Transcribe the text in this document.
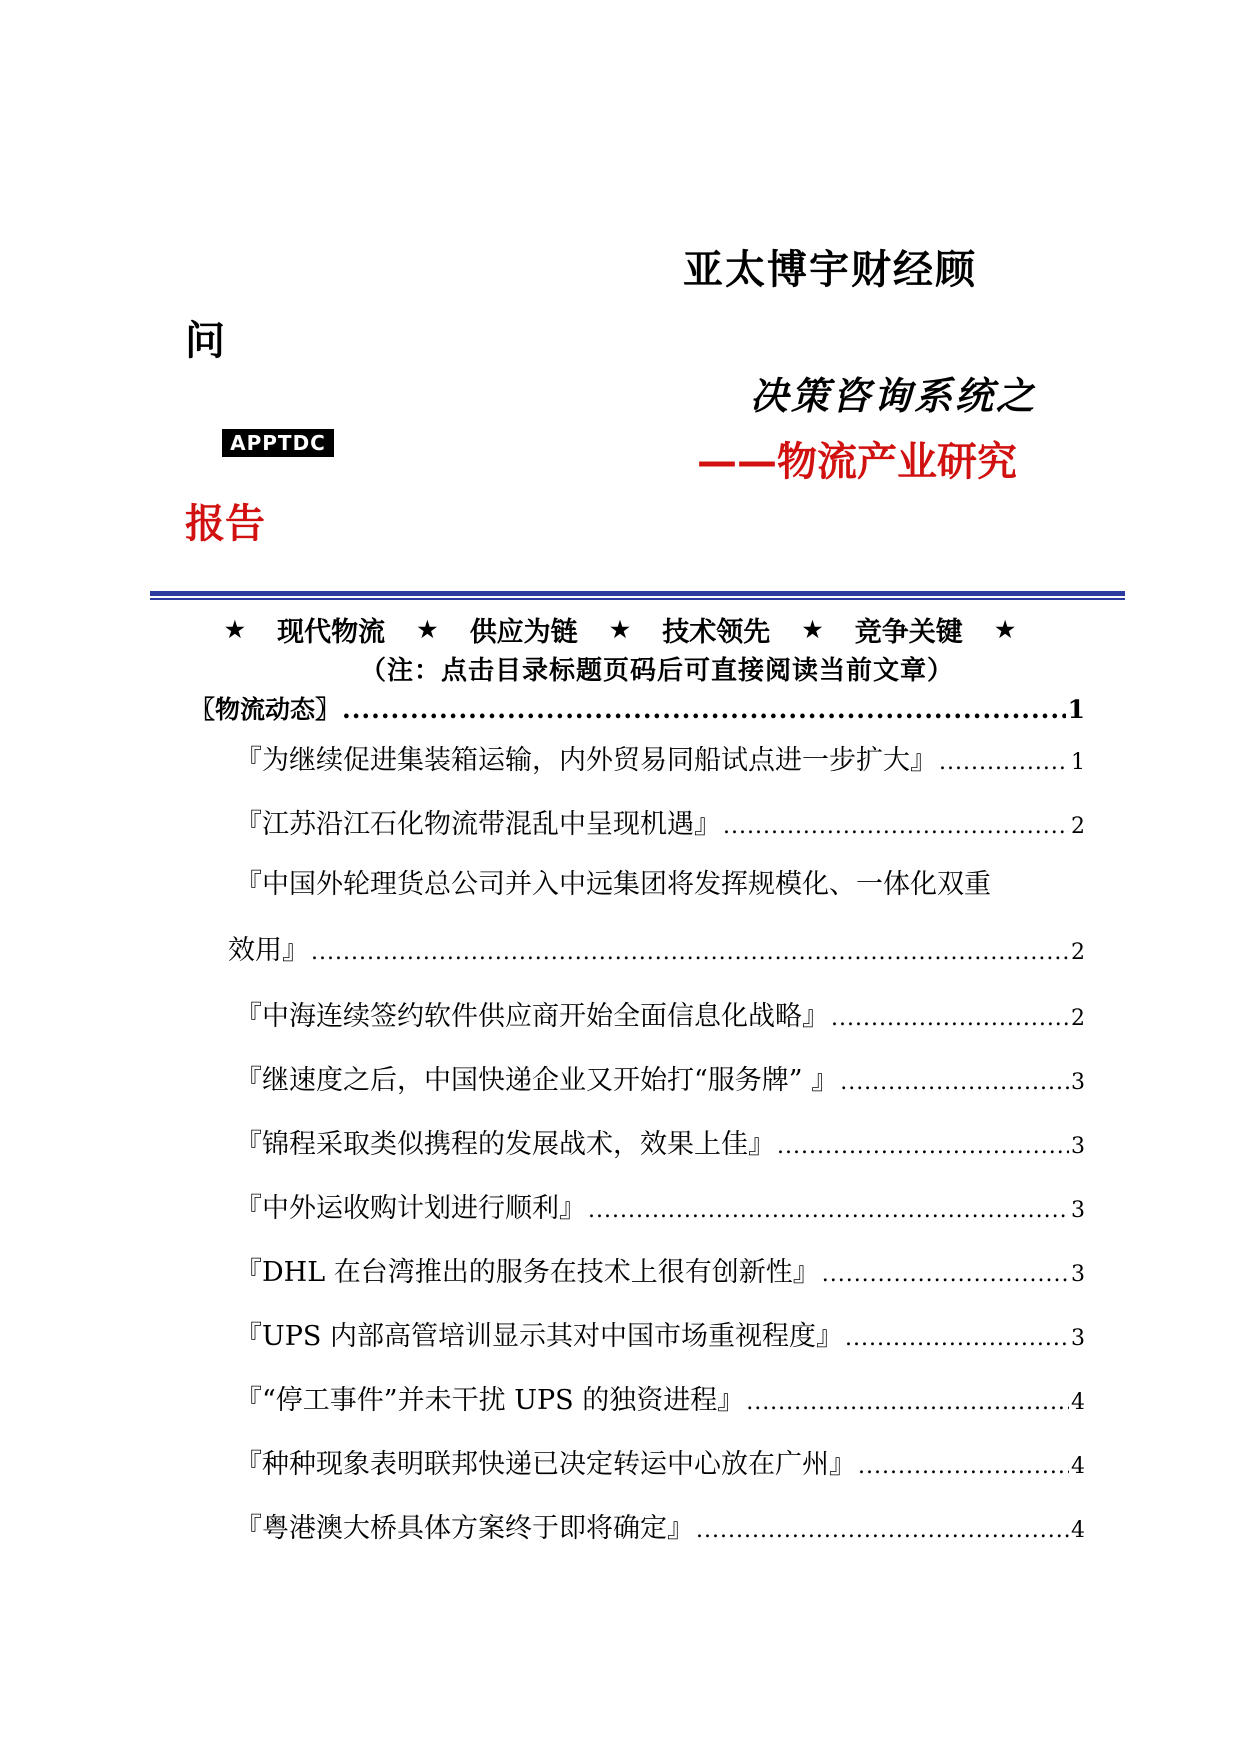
亚太博宇财经顾
问
决策咨询系统之
APPTDC	——物流产业研究
报告
★ 现代物流 ★ 供应为链 ★ 技术领先 ★ 竞争关键 ★
（注：点击目录标题页码后可直接阅读当前文章）
〖物流动态〗 .....	1
『为继续促进集装箱运输，内外贸易同船试点进一步扩大』 .....	1
『江苏沿江石化物流带混乱中呈现机遇』 .....	2
『中国外轮理货总公司并入中远集团将发挥规模化、一体化双重
效用』 .....	2
『中海连续签约软件供应商开始全面信息化战略』 .....	2
『继速度之后，中国快递企业又开始打“服务牌” 』 .....	3
『锦程采取类似携程的发展战术，效果上佳』 .....	3
『中外运收购计划进行顺利』 .....	3
『DHL 在台湾推出的服务在技术上很有创新性』 .....	3
『UPS 内部高管培训显示其对中国市场重视程度』 .....	3
『“停工事件”并未干扰 UPS 的独资进程』 .....	4
『种种现象表明联邦快递已决定转运中心放在广州』 .....	4
『粤港澳大桥具体方案终于即将确定』 .....	4
